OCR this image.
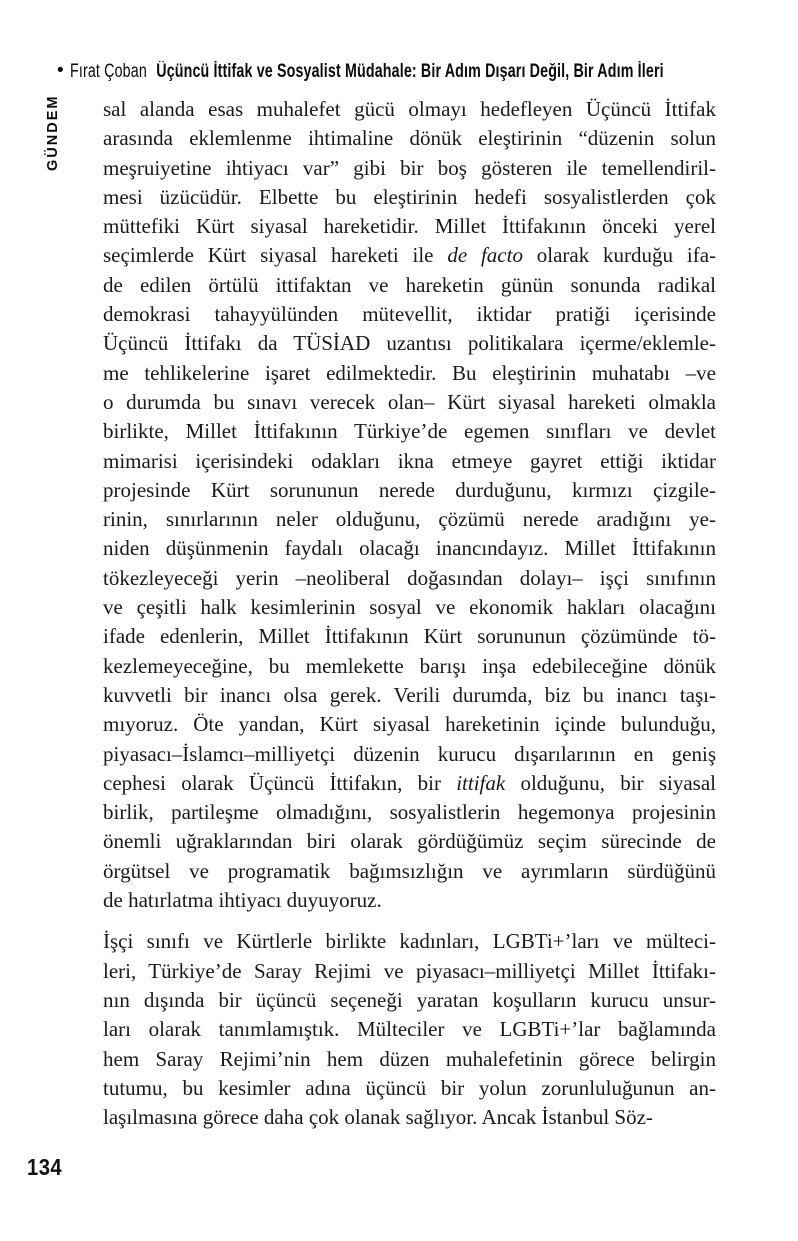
• Fırat Çoban Üçüncü İttifak ve Sosyalist Müdahale: Bir Adım Dışarı Değil, Bir Adım İleri
GÜNDEM sal alanda esas muhalefet gücü olmayı hedefleyen Üçüncü İttifak
arasında eklemlenme ihtimaline dönük eleştirinin “düzenin solun
meşruiyetine ihtiyacı var” gibi bir boş gösteren ile temellendiril-
mesi üzücüdür. Elbette bu eleştirinin hedefi sosyalistlerden çok
müttefiki Kürt siyasal hareketidir. Millet İttifakının önceki yerel
seçimlerde Kürt siyasal hareketi ile de facto olarak kurduğu ifa-
de edilen örtülü ittifaktan ve hareketin günün sonunda radikal
demokrasi tahayyülünden mütevellit, iktidar pratiği içerisinde
Üçüncü İttifakı da TÜSİAD uzantısı politikalara içerme/eklemle-
me tehlikelerine işaret edilmektedir. Bu eleştirinin muhatabı –ve
o durumda bu sınavı verecek olan– Kürt siyasal hareketi olmakla
birlikte, Millet İttifakının Türkiye’de egemen sınıfları ve devlet
mimarisi içerisindeki odakları ikna etmeye gayret ettiği iktidar
projesinde Kürt sorununun nerede durduğunu, kırmızı çizgile-
rinin, sınırlarının neler olduğunu, çözümü nerede aradığını ye-
niden düşünmenin faydalı olacağı inancındayız. Millet İttifakının
tökezleyeceği yerin –neoliberal doğasından dolayı– işçi sınıfının
ve çeşitli halk kesimlerinin sosyal ve ekonomik hakları olacağını
ifade edenlerin, Millet İttifakının Kürt sorununun çözümünde tö-
kezlemeyeceğine, bu memlekette barışı inşa edebileceğine dönük
kuvvetli bir inancı olsa gerek. Verili durumda, biz bu inancı taşı-
mıyoruz. Öte yandan, Kürt siyasal hareketinin içinde bulunduğu,
piyasacı–İslamcı–milliyetçi düzenin kurucu dışarılarının en geniş
cephesi olarak Üçüncü İttifakın, bir ittifak olduğunu, bir siyasal
birlik, partileşme olmadığını, sosyalistlerin hegemonya projesinin
önemli uğraklarından biri olarak gördüğümüz seçim sürecinde de
örgütsel ve programatik bağımsızlığın ve ayrımların sürdüğünü
de hatırlatma ihtiyacı duyuyoruz.
İşçi sınıfı ve Kürtlerle birlikte kadınları, LGBTi+’ları ve mülteci-
leri, Türkiye’de Saray Rejimi ve piyasacı–milliyetçi Millet İttifakı-
nın dışında bir üçüncü seçeneği yaratan koşulların kurucu unsur-
ları olarak tanımlamıştık. Mülteciler ve LGBTi+’lar bağlamında
hem Saray Rejimi’nin hem düzen muhalefetinin görece belirgin
tutumu, bu kesimler adına üçüncü bir yolun zorunluluğunun an-
laşılmasına görece daha çok olanak sağlıyor. Ancak İstanbul Söz-
134
